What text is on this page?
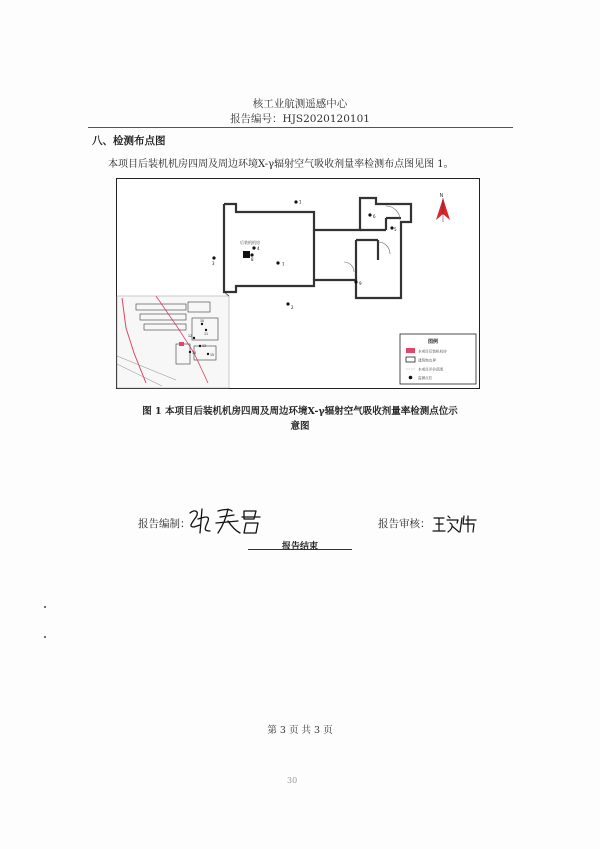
核工业航测遥感中心
报告编号：HJS2020120101
八、检测布点图
本项目后装机机房四周及周边环境X-γ辐射空气吸收剂量率检测布点图见图 1。
后装机机房
1
2
3
4
7
6
8
9
5
N
10
11
12
13
14	15
图例
本项目后装机机房
建筑物边界
本项目评价范围
监测点位
图 1 本项目后装机机房四周及周边环境X-γ辐射空气吸收剂量率检测点位示
意图
报告编制：	报告审核：
报告结束
第 3 页 共 3 页
30
